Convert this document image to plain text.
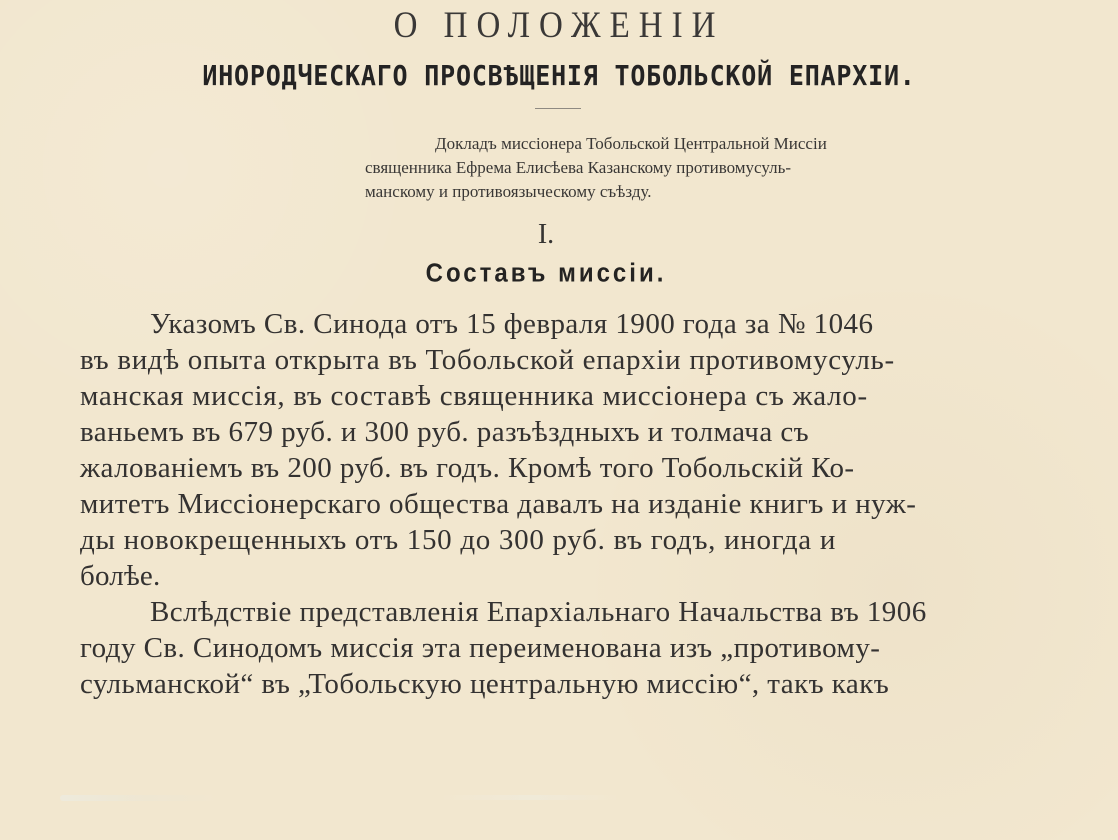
О ПОЛОЖЕНІИ
ИНОРОДЧЕСКАГО ПРОСВѢЩЕНІЯ ТОБОЛЬСКОЙ ЕПАРХІИ.
Докладъ миссіонера Тобольской Центральной Миссіи
священника Ефрема Елисѣева Казанскому противомусуль-
манскому и противоязыческому съѣзду.
I.
Составъ миссіи.
Указомъ Св. Синода отъ 15 февраля 1900 года за № 1046
въ видѣ опыта открыта въ Тобольской епархіи противомусуль-
манская миссія, въ составѣ священника миссіонера съ жало-
ваньемъ въ 679 руб. и 300 руб. разъѣздныхъ и толмача съ
жалованіемъ въ 200 руб. въ годъ. Кромѣ того Тобольскій Ко-
митетъ Миссіонерскаго общества давалъ на изданіе книгъ и нуж-
ды новокрещенныхъ отъ 150 до 300 руб. въ годъ, иногда и
болѣе.
Вслѣдствіе представленія Епархіальнаго Начальства въ 1906
году Св. Синодомъ миссія эта переименована изъ „противому-
сульманской“ въ „Тобольскую центральную миссію“, такъ какъ
